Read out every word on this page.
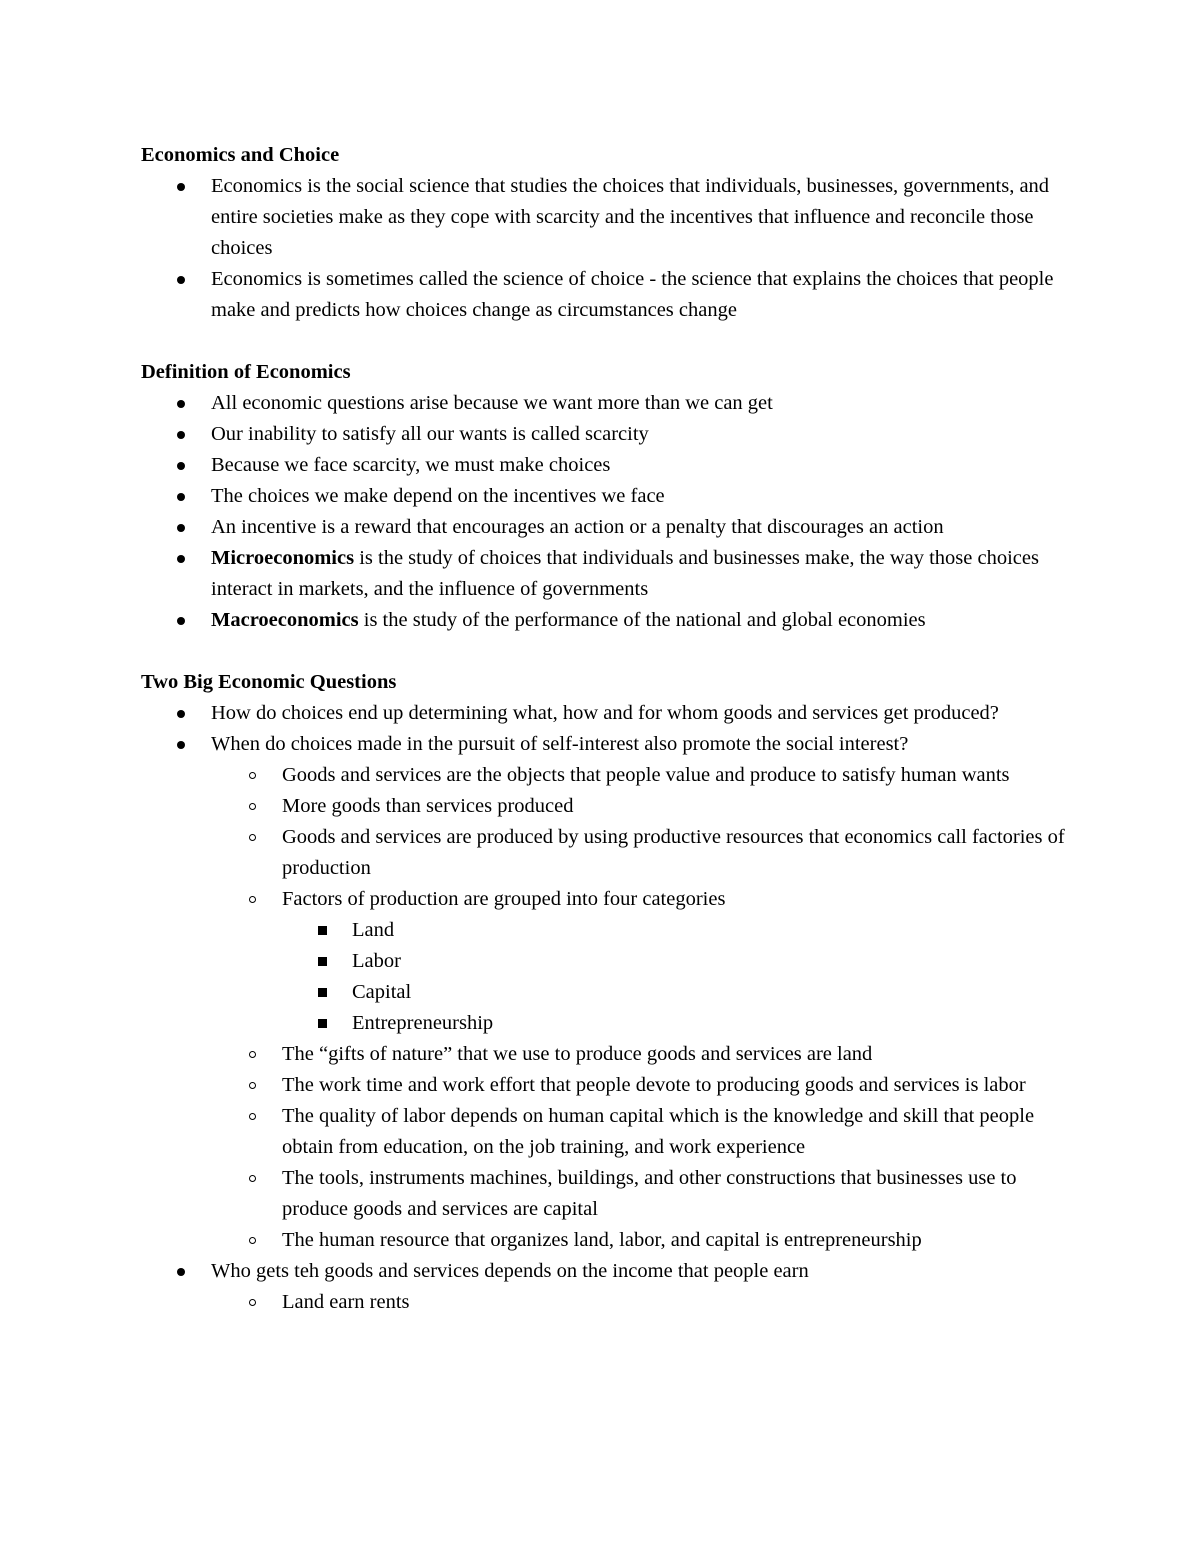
Economics and Choice
Economics is the social science that studies the choices that individuals, businesses, governments, and entire societies make as they cope with scarcity and the incentives that influence and reconcile those choices
Economics is sometimes called the science of choice - the science that explains the choices that people make and predicts how choices change as circumstances change
Definition of Economics
All economic questions arise because we want more than we can get
Our inability to satisfy all our wants is called scarcity
Because we face scarcity, we must make choices
The choices we make depend on the incentives we face
An incentive is a reward that encourages an action or a penalty that discourages an action
Microeconomics is the study of choices that individuals and businesses make, the way those choices interact in markets, and the influence of governments
Macroeconomics is the study of the performance of the national and global economies
Two Big Economic Questions
How do choices end up determining what, how and for whom goods and services get produced?
When do choices made in the pursuit of self-interest also promote the social interest?
Goods and services are the objects that people value and produce to satisfy human wants
More goods than services produced
Goods and services are produced by using productive resources that economics call factories of production
Factors of production are grouped into four categories
Land
Labor
Capital
Entrepreneurship
The “gifts of nature” that we use to produce goods and services are land
The work time and work effort that people devote to producing goods and services is labor
The quality of labor depends on human capital which is the knowledge and skill that people obtain from education, on the job training, and work experience
The tools, instruments machines, buildings, and other constructions that businesses use to produce goods and services are capital
The human resource that organizes land, labor, and capital is entrepreneurship
Who gets teh goods and services depends on the income that people earn
Land earn rents
